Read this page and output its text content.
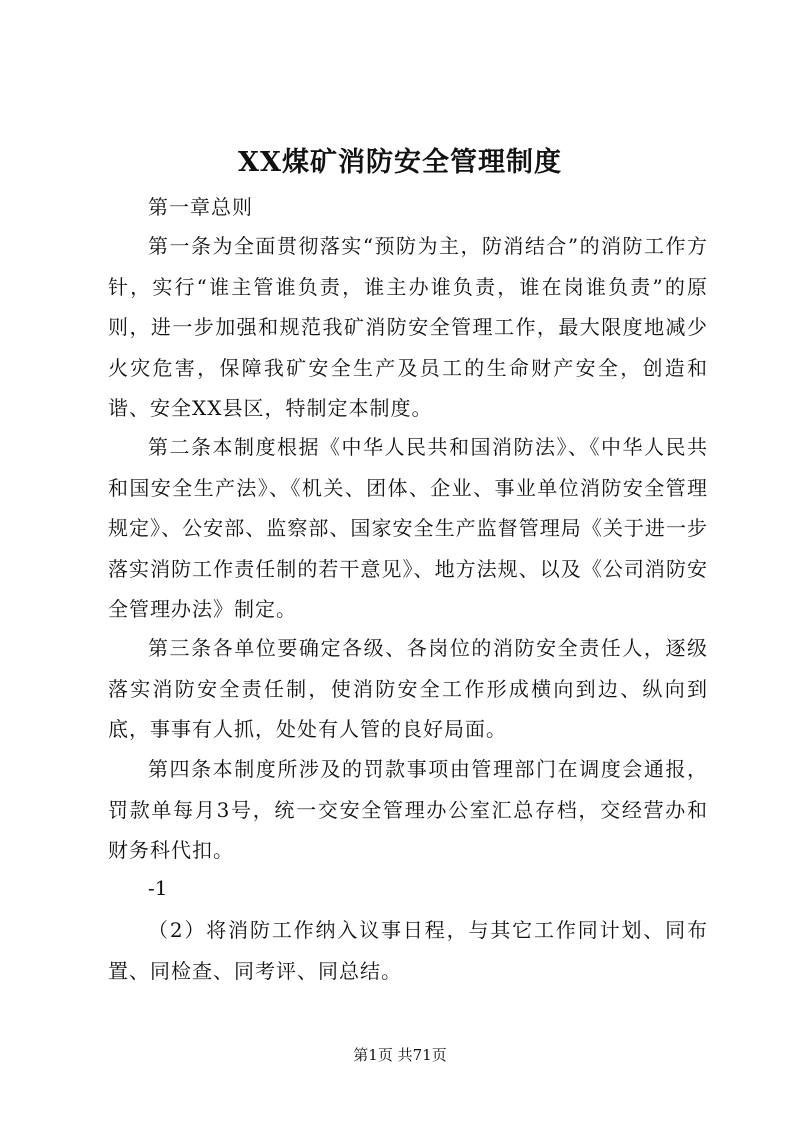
XX煤矿消防安全管理制度
第一章总则
第一条为全面贯彻落实“预防为主，防消结合”的消防工作方针，实行“谁主管谁负责，谁主办谁负责，谁在岗谁负责”的原则，进一步加强和规范我矿消防安全管理工作，最大限度地减少火灾危害，保障我矿安全生产及员工的生命财产安全，创造和谐、安全XX县区，特制定本制度。
第二条本制度根据《中华人民共和国消防法》、《中华人民共和国安全生产法》、《机关、团体、企业、事业单位消防安全管理规定》、公安部、监察部、国家安全生产监督管理局《关于进一步落实消防工作责任制的若干意见》、地方法规、以及《公司消防安全管理办法》制定。
第三条各单位要确定各级、各岗位的消防安全责任人，逐级落实消防安全责任制，使消防安全工作形成横向到边、纵向到底，事事有人抓，处处有人管的良好局面。
第四条本制度所涉及的罚款事项由管理部门在调度会通报，罚款单每月3号，统一交安全管理办公室汇总存档，交经营办和财务科代扣。
-1
（2）将消防工作纳入议事日程，与其它工作同计划、同布置、同检查、同考评、同总结。
第1页 共71页
